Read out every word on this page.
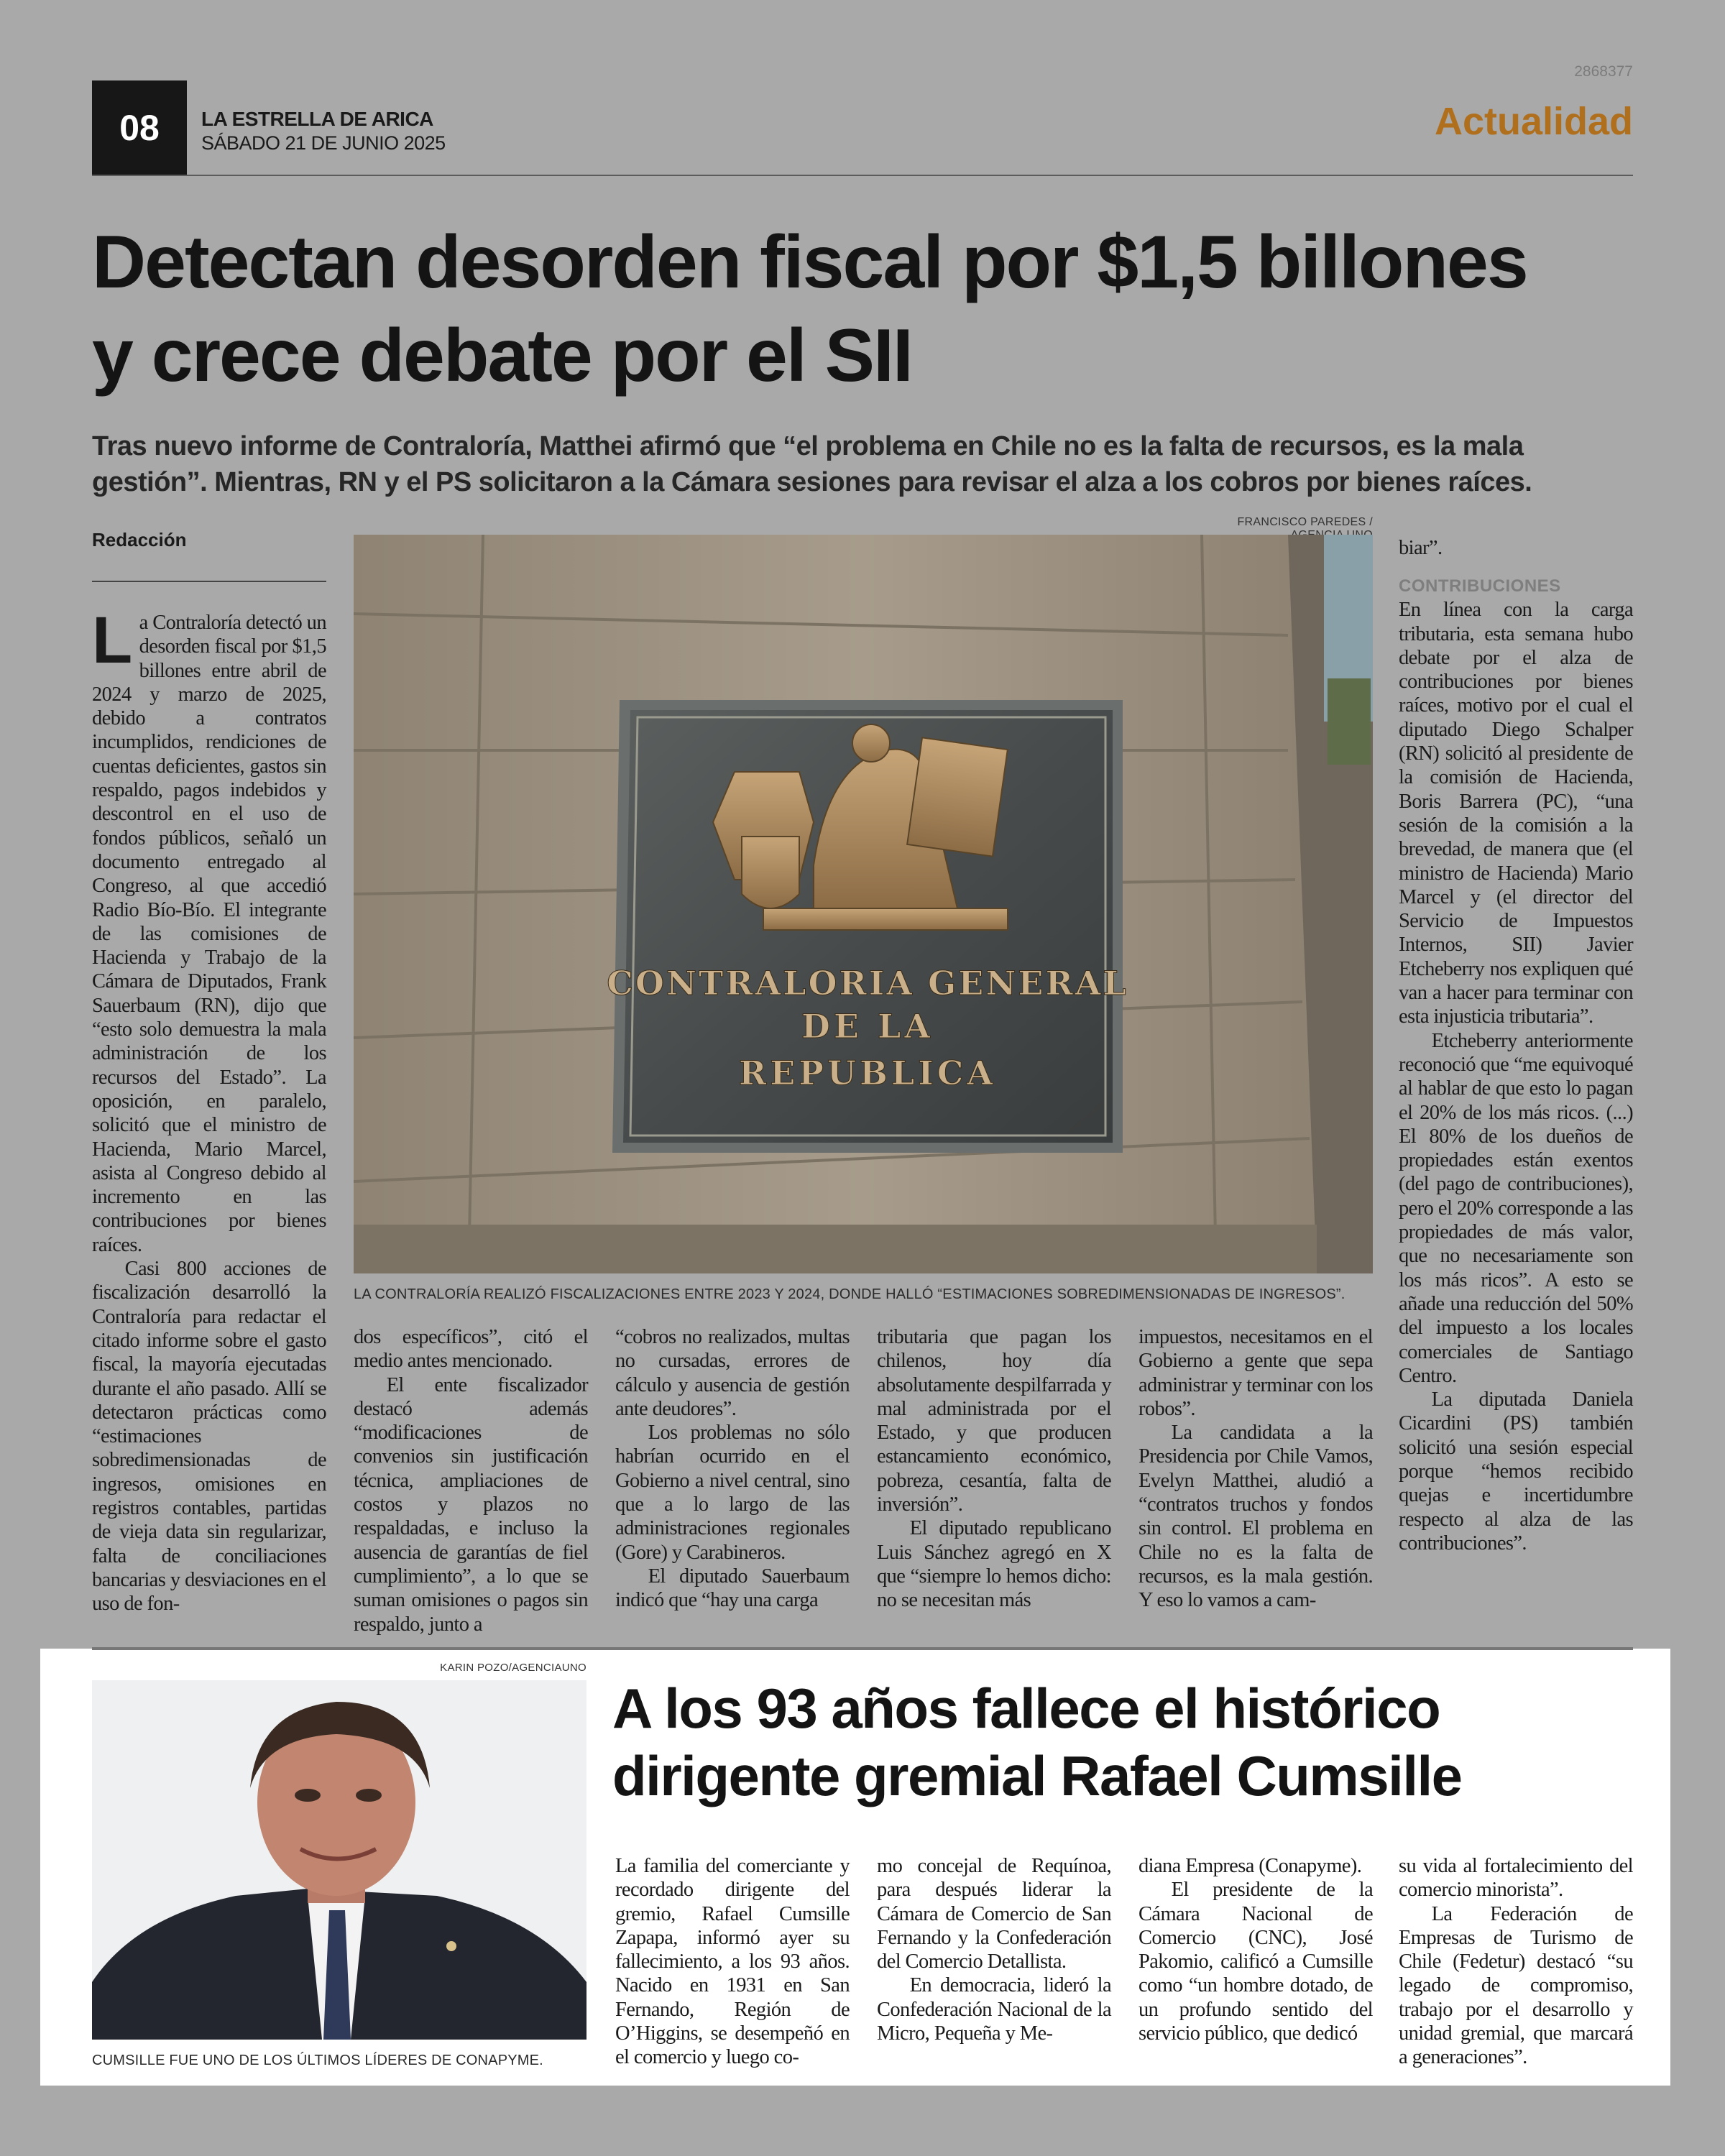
2868377
08	LA ESTRELLA DE ARICA
SÁBADO 21 DE JUNIO 2025	Actualidad
Detectan desorden fiscal por $1,5 billones y crece debate por el SII

Tras nuevo informe de Contraloría, Matthei afirmó que “el problema en Chile no es la falta de recursos, es la mala gestión”. Mientras, RN y el PS solicitaron a la Cámara sesiones para revisar el alza a los cobros por bienes raíces.

Redacción
FRANCISCO PAREDES /
CONTRALORIA GENERAL
DE LA
REPUBLICA
LA CONTRALORÍA REALIZÓ FISCALIZACIONES ENTRE 2023 Y 2024, DONDE HALLÓ “ESTIMACIONES SOBREDIMENSIONADAS DE INGRESOS”.

La Contraloría detectó un desorden fiscal por $1,5 billones entre abril de 2024 y marzo de 2025, debido a contratos incumplidos, rendiciones de cuentas deficientes, gastos sin respaldo, pagos indebidos y descontrol en el uso de fondos públicos, señaló un documento entregado al Congreso, al que accedió Radio Bío-Bío. El integrante de las comisiones de Hacienda y Trabajo de la Cámara de Diputados, Frank Sauerbaum (RN), dijo que “esto solo demuestra la mala administración de los recursos del Estado”. La oposición, en paralelo, solicitó que el ministro de Hacienda, Mario Marcel, asista al Congreso debido al incremento en las contribuciones por bienes raíces.

Casi 800 acciones de fiscalización desarrolló la Contraloría para redactar el citado informe sobre el gasto fiscal, la mayoría ejecutadas durante el año pasado. Allí se detectaron prácticas como “estimaciones sobredimensionadas de ingresos, omisiones en registros contables, partidas de vieja data sin regularizar, falta de conciliaciones bancarias y desviaciones en el uso de fon-

dos específicos”, citó el medio antes mencionado.

El ente fiscalizador destacó además “modificaciones de convenios sin justificación técnica, ampliaciones de costos y plazos no respaldadas, e incluso la ausencia de garantías de fiel cumplimiento”, a lo que se suman omisiones o pagos sin respaldo, junto a

“cobros no realizados, multas no cursadas, errores de cálculo y ausencia de gestión ante deudores”.

Los problemas no sólo habrían ocurrido en el Gobierno a nivel central, sino que a lo largo de las administraciones regionales (Gore) y Carabineros.

El diputado Sauerbaum indicó que “hay una carga

tributaria que pagan los chilenos, hoy día absolutamente despilfarrada y mal administrada por el Estado, y que producen estancamiento económico, pobreza, cesantía, falta de inversión”.

El diputado republicano Luis Sánchez agregó en X que “siempre lo hemos dicho: no se necesitan más

impuestos, necesitamos en el Gobierno a gente que sepa administrar y terminar con los robos”.

La candidata a la Presidencia por Chile Vamos, Evelyn Matthei, aludió a “contratos truchos y fondos sin control. El problema en Chile no es la falta de recursos, es la mala gestión. Y eso lo vamos a cam-

biar”.

CONTRIBUCIONES

En línea con la carga tributaria, esta semana hubo debate por el alza de contribuciones por bienes raíces, motivo por el cual el diputado Diego Schalper (RN) solicitó al presidente de la comisión de Hacienda, Boris Barrera (PC), “una sesión de la comisión a la brevedad, de manera que (el ministro de Hacienda) Mario Marcel y (el director del Servicio de Impuestos Internos, SII) Javier Etcheberry nos expliquen qué van a hacer para terminar con esta injusticia tributaria”.

Etcheberry anteriormente reconoció que “me equivoqué al hablar de que esto lo pagan el 20% de los más ricos. (...) El 80% de los dueños de propiedades están exentos (del pago de contribuciones), pero el 20% corresponde a las propiedades de más valor, que no necesariamente son los más ricos”. A esto se añade una reducción del 50% del impuesto a los locales comerciales de Santiago Centro.

La diputada Daniela Cicardini (PS) también solicitó una sesión especial porque “hemos recibido quejas e incertidumbre respecto al alza de las contribuciones”.

KARIN POZO/AGENCIAUNO
CUMSILLE FUE UNO DE LOS ÚLTIMOS LÍDERES DE CONAPYME.
A los 93 años fallece el histórico dirigente gremial Rafael Cumsille

La familia del comerciante y recordado dirigente del gremio, Rafael Cumsille Zapapa, informó ayer su fallecimiento, a los 93 años. Nacido en 1931 en San Fernando, Región de O’Higgins, se desempeñó en el comercio y luego co-

mo concejal de Requínoa, para después liderar la Cámara de Comercio de San Fernando y la Confederación del Comercio Detallista.

En democracia, lideró la Confederación Nacional de la Micro, Pequeña y Me-

diana Empresa (Conapyme).

El presidente de la Cámara Nacional de Comercio (CNC), José Pakomio, calificó a Cumsille como “un hombre dotado, de un profundo sentido del servicio público, que dedicó

su vida al fortalecimiento del comercio minorista”.

La Federación de Empresas de Turismo de Chile (Fedetur) destacó “su legado de compromiso, trabajo por el desarrollo y unidad gremial, que marcará a generaciones”.
